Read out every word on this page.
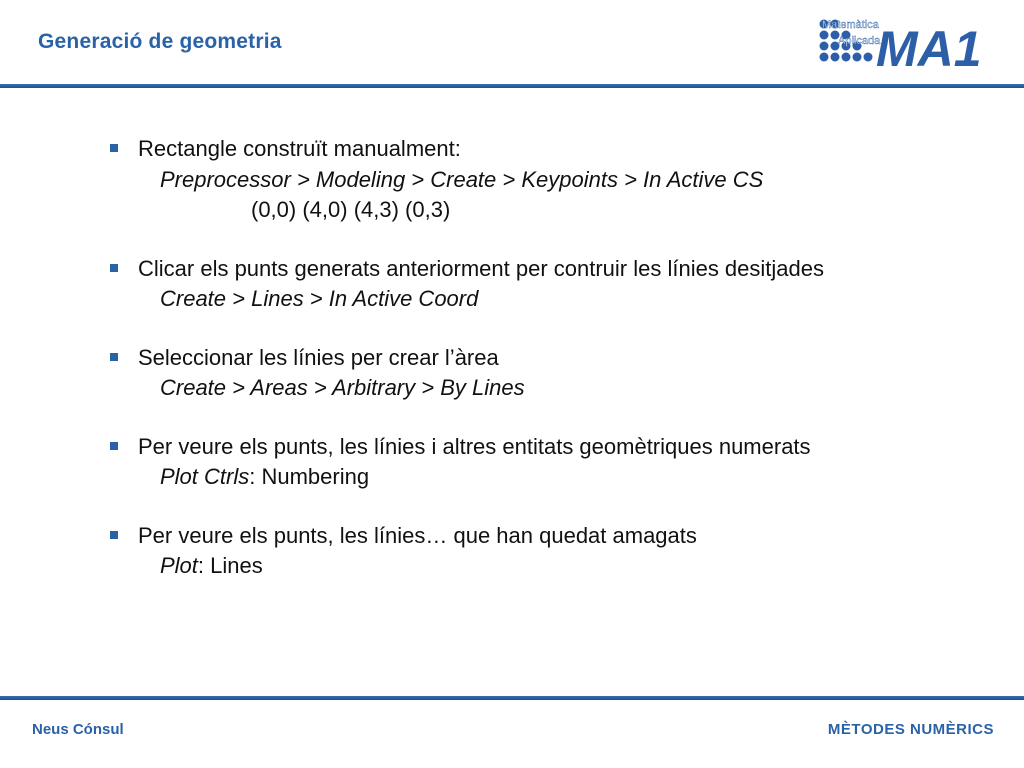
Generació de geometria
Matemàtica
Aplicada
MA1
Rectangle construït manualment:
Preprocessor > Modeling > Create > Keypoints > In Active CS
(0,0) (4,0) (4,3) (0,3)
Clicar els punts generats anteriorment per contruir les línies desitjades
Create > Lines > In Active Coord
Seleccionar les línies per crear l’àrea
Create > Areas > Arbitrary > By Lines
Per veure els punts, les línies i altres entitats geomètriques numerats
Plot Ctrls: Numbering
Per veure els punts, les línies… que han quedat amagats
Plot: Lines
Neus Cónsul	MÈTODES NUMÈRICS
